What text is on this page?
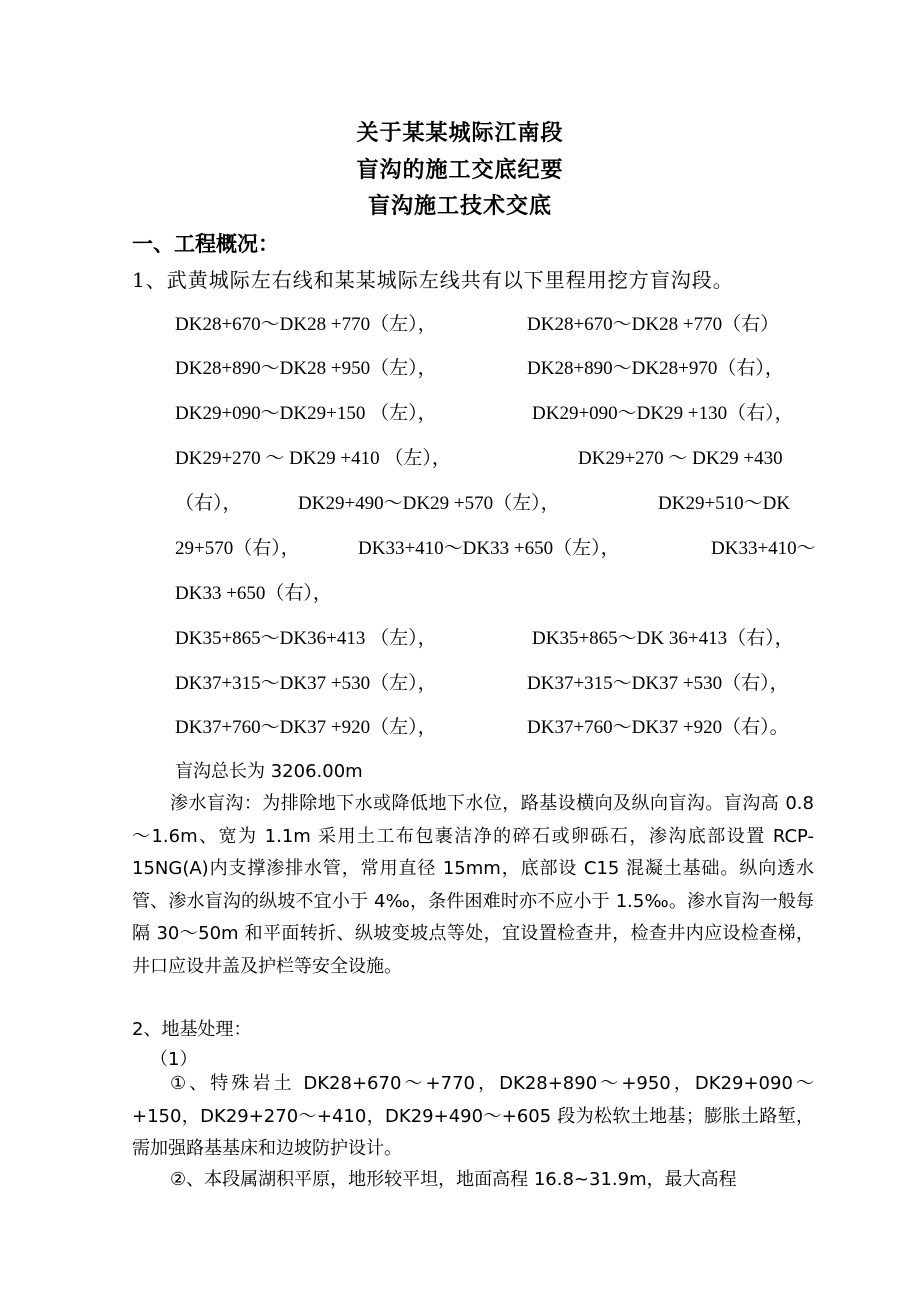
关于某某城际江南段
盲沟的施工交底纪要
盲沟施工技术交底
一、工程概况：
1、武黄城际左右线和某某城际左线共有以下里程用挖方盲沟段。
DK28+670～DK28 +770（左），	DK28+670～DK28 +770（右）
DK28+890～DK28 +950（左），	DK28+890～DK28+970（右），
DK29+090～DK29+150 （左），	DK29+090～DK29 +130（右），
DK29+270 ～ DK29 +410 （左），	DK29+270 ～ DK29 +430
（右），	DK29+490～DK29 +570（左），	DK29+510～DK
29+570（右），	DK33+410～DK33 +650（左），	DK33+410～
DK33 +650（右），
DK35+865～DK36+413 （左），	DK35+865～DK 36+413（右），
DK37+315～DK37 +530（左），	DK37+315～DK37 +530（右），
DK37+760～DK37 +920（左），	DK37+760～DK37 +920（右）。
盲沟总长为 3206.00m
渗水盲沟：为排除地下水或降低地下水位，路基设横向及纵向盲沟。盲沟高 0.8～1.6m、宽为 1.1m 采用土工布包裹洁净的碎石或卵砾石，渗沟底部设置 RCP-15NG(A)内支撑渗排水管，常用直径 15mm，底部设 C15 混凝土基础。纵向透水管、渗水盲沟的纵坡不宜小于 4‰，条件困难时亦不应小于 1.5‰。渗水盲沟一般每隔 30～50m 和平面转折、纵坡变坡点等处，宜设置检查井，检查井内应设检查梯，井口应设井盖及护栏等安全设施。
2、地基处理：
（1）
①、特殊岩土 DK28+670～+770，DK28+890～+950，DK29+090～+150，DK29+270～+410，DK29+490～+605 段为松软土地基；膨胀土路堑，需加强路基基床和边坡防护设计。
②、本段属湖积平原，地形较平坦，地面高程 16.8~31.9m，最大高程
